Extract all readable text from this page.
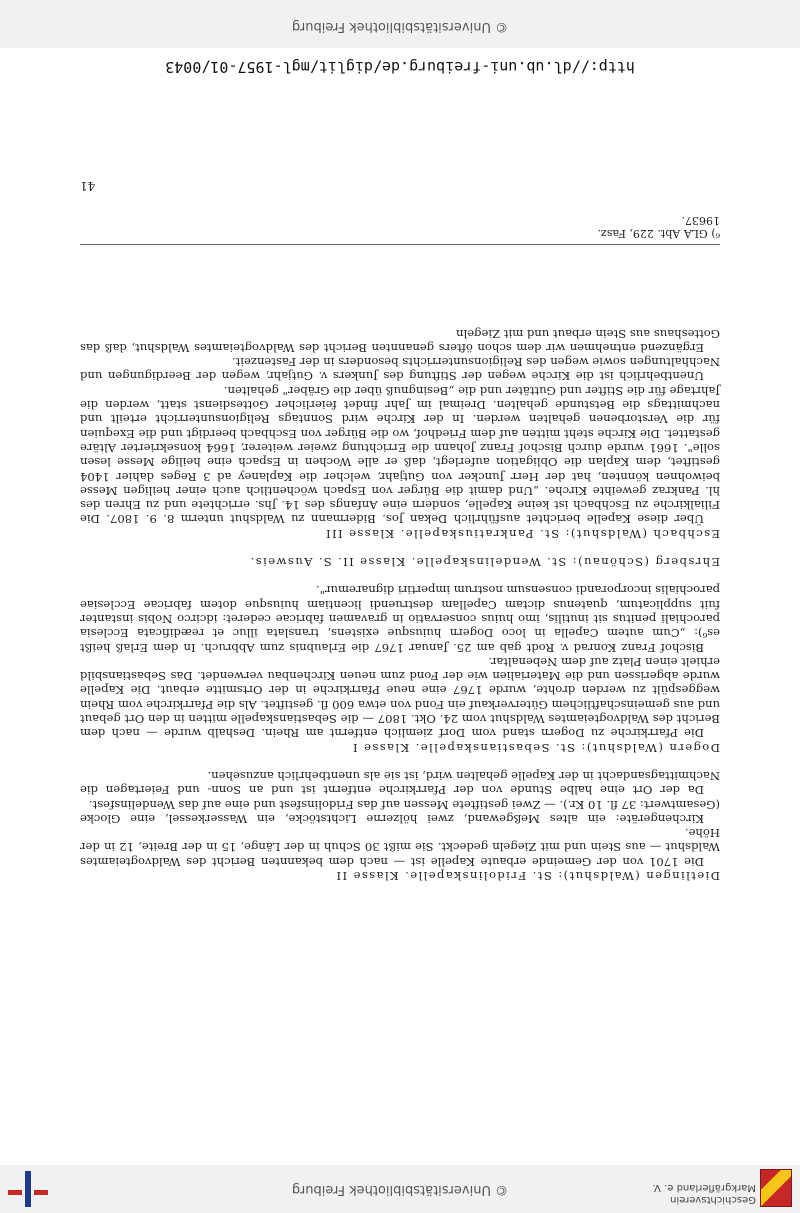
Geschichtsverein
Markgräflerland e. V.
© Universitätsbibliothek Freiburg

Dietlingen (Waldshut): St. Fridolinskapelle. Klasse II

Die 1701 von der Gemeinde erbaute Kapelle ist — nach dem bekannten Bericht des Waldvogteiamtes Waldshut — aus Stein und mit Ziegeln gedeckt. Sie mißt 30 Schuh in der Länge, 15 in der Breite, 12 in der Höhe.

Kirchengeräte: ein altes Meßgewand, zwei hölzerne Lichtstöcke, ein Wasserkessel, eine Glocke (Gesamtwert: 37 fl. 10 Kr.). — Zwei gestiftete Messen auf das Fridolinsfest und eine auf das Wendelinsfest.

Da der Ort eine halbe Stunde von der Pfarrkirche entfernt ist und an Sonn- und Feiertagen die Nachmittagsandacht in der Kapelle gehalten wird, ist sie als unentbehrlich anzusehen.

Dogern (Waldshut): St. Sebastianskapelle. Klasse I

Die Pfarrkirche zu Dogern stand vom Dorf ziemlich entfernt am Rhein. Deshalb wurde — nach dem Bericht des Waldvogteiamtes Waldshut vom 24. Okt. 1807 — die Sebastianskapelle mitten in den Ort gebaut und aus gemeinschaftlichem Güterverkauf ein Fond von etwa 600 fl. gestiftet. Als die Pfarrkirche vom Rhein weggespült zu werden drohte, wurde 1767 eine neue Pfarrkirche in der Ortsmitte erbaut. Die Kapelle wurde abgerissen und die Materialien wie der Fond zum neuen Kirchenbau verwendet. Das Sebastiansbild erhielt einen Platz auf dem Nebenaltar.

Bischof Franz Konrad v. Rodt gab am 25. Januar 1767 die Erlaubnis zum Abbruch. In dem Erlaß heißt es⁶): „Cum autem Capella in loco Dogern huiusque existens, translata illuc et reædificata Ecclesia parochiali penitus sit inutilis, imo huius conservatio in gravamen fabricae cederet: idcirco Nobis instanter fuit supplicatum, quatenus dictam Capellam destruendi licentiam huiusque dotem fabricae Ecclesiae parochialis incorporandi consensum nostrum impertiri dignaremur".

Ehrsberg (Schönau): St. Wendelinskapelle. Klasse II. S. Ausweis.

Eschbach (Waldshut): St. Pankratiuskapelle. Klasse III

Über diese Kapelle berichtet ausführlich Dekan Jos. Bidermann zu Waldshut unterm 8. 9. 1807. Die Filialkirche zu Eschbach ist keine Kapelle, sondern eine Anfangs des 14. Jhs. errichtete und zu Ehren des hl. Pankraz geweihte Kirche. „Und damit die Bürger von Espach wöchentlich auch einer heiligen Messe beiwohnen könnten, hat der Herr Juncker von Gutjahr, welcher die Kaplaney ad 3 Reges dahier 1404 gestiftet, dem Kaplan die Obligation auferlegt, daß er alle Wochen in Espach eine heilige Messe lesen solle". 1661 wurde durch Bischof Franz Johann die Errichtung zweier weiterer, 1664 konsekrierter Altäre gestattet. Die Kirche steht mitten auf dem Friedhof, wo die Bürger von Eschbach beerdigt und die Exequien für die Verstorbenen gehalten werden. In der Kirche wird Sonntags Religionsunterricht erteilt und nachmittags die Betstunde gehalten. Dreimal im Jahr findet feierlicher Gottesdienst statt, werden die Jahrtage für die Stifter und Guttäter und die „Besingnuß über die Gräber" gehalten.

Unentbehrlich ist die Kirche wegen der Stiftung des Junkers v. Gutjahr, wegen der Beerdigungen und Nachhaltungen sowie wegen des Religionsunterrichts besonders in der Fastenzeit.

Ergänzend entnehmen wir dem schon öfters genannten Bericht des Waldvogteiamtes Waldshut, daß das Gotteshaus aus Stein erbaut und mit Ziegeln

⁶) GLA Abt. 229, Fasz. 19637.
41
http://dl.ub.uni-freiburg.de/diglit/mgl-1957-01/0043
© Universitätsbibliothek Freiburg
